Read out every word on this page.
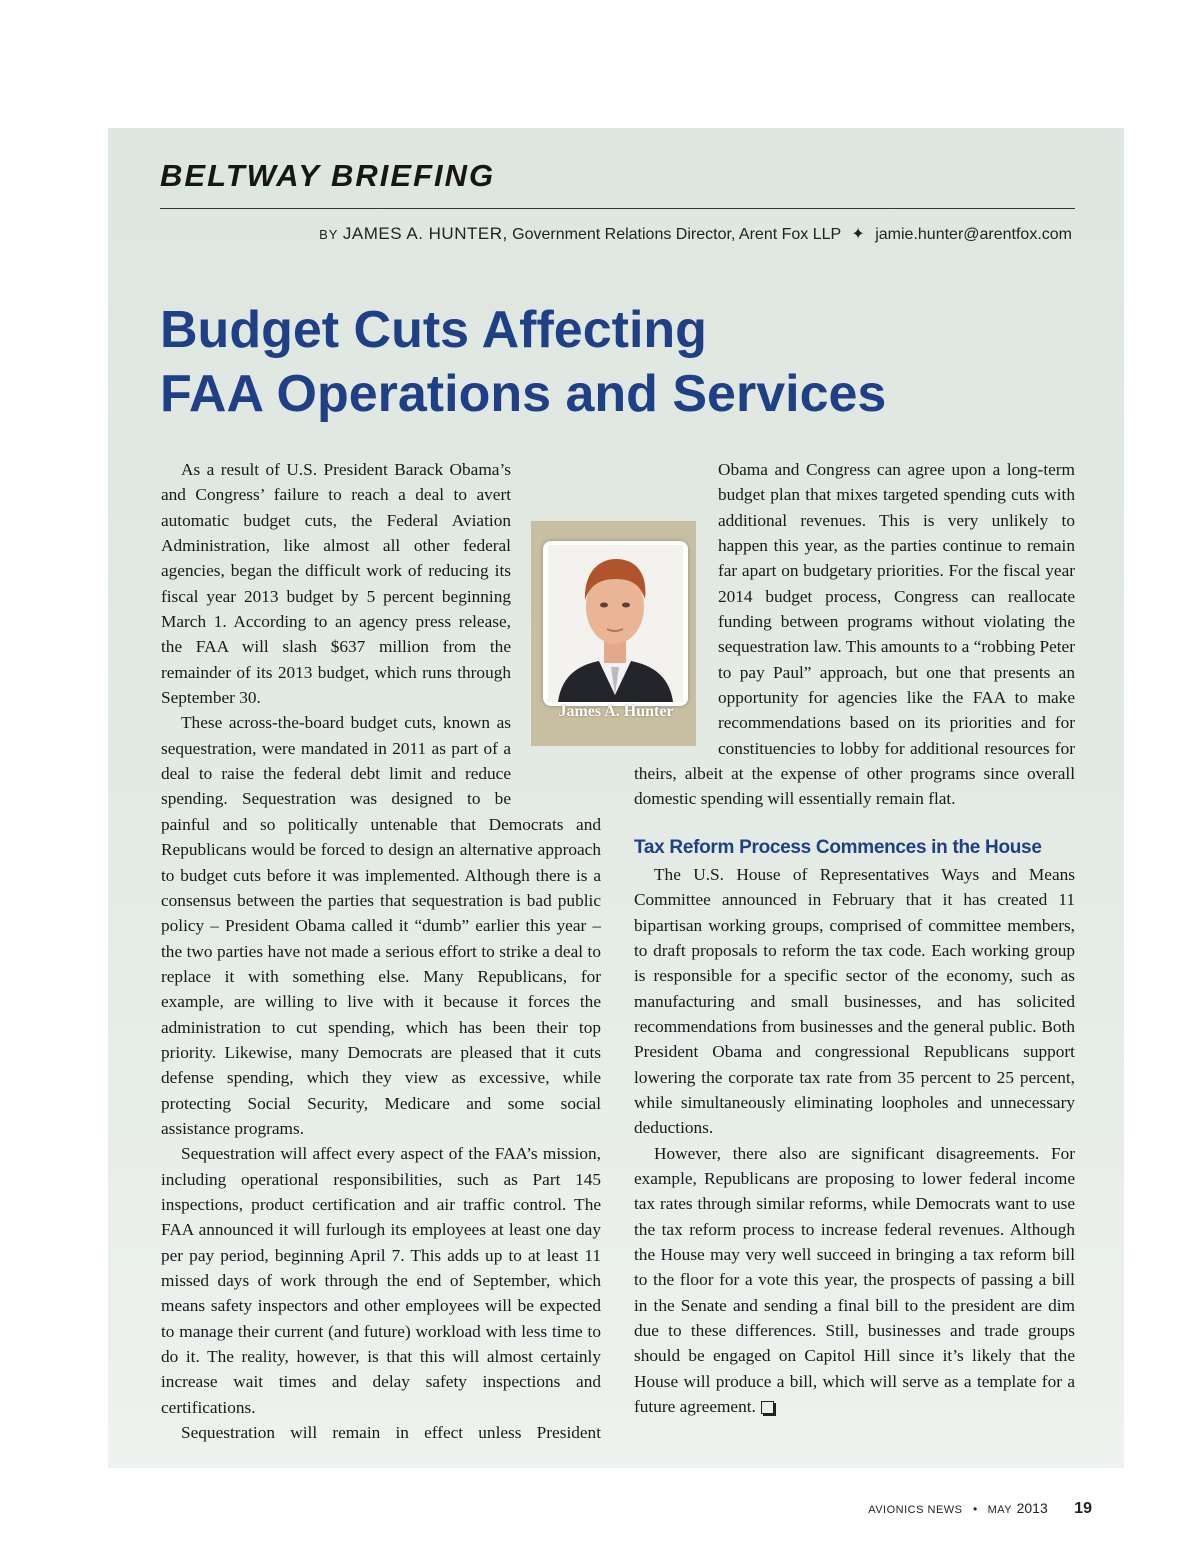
BELTWAY BRIEFING
BY JAMES A. HUNTER, Government Relations Director, Arent Fox LLP ✦ jamie.hunter@arentfox.com
Budget Cuts Affecting
FAA Operations and Services

As a result of U.S. President Barack Obama’s and Congress’ failure to reach a deal to avert automatic budget cuts, the Federal Aviation Administration, like almost all other federal agencies, began the difficult work of reducing its fiscal year 2013 budget by 5 percent beginning March 1. According to an agency press release, the FAA will slash $637 million from the remainder of its 2013 budget, which runs through September 30.

These across-the-board budget cuts, known as sequestration, were mandated in 2011 as part of a deal to raise the federal debt limit and reduce spending. Sequestration was designed to be painful and so politically untenable that Democrats and Republicans would be forced to design an alternative approach to budget cuts before it was implemented. Although there is a consensus between the parties that sequestration is bad public policy – President Obama called it “dumb” earlier this year – the two parties have not made a serious effort to strike a deal to replace it with something else. Many Republicans, for example, are willing to live with it because it forces the administration to cut spending, which has been their top priority. Likewise, many Democrats are pleased that it cuts defense spending, which they view as excessive, while protecting Social Security, Medicare and some social assistance programs.

Sequestration will affect every aspect of the FAA’s mission, including operational responsibilities, such as Part 145 inspections, product certification and air traffic control. The FAA announced it will furlough its employees at least one day per pay period, beginning April 7. This adds up to at least 11 missed days of work through the end of September, which means safety inspectors and other employees will be expected to manage their current (and future) workload with less time to do it. The reality, however, is that this will almost certainly increase wait times and delay safety inspections and certifications.

Sequestration will remain in effect unless President

Obama and Congress can agree upon a long-term budget plan that mixes targeted spending cuts with additional revenues. This is very unlikely to happen this year, as the parties continue to remain far apart on budgetary priorities. For the fiscal year 2014 budget process, Congress can reallocate funding between programs without violating the sequestration law. This amounts to a “robbing Peter to pay Paul” approach, but one that presents an opportunity for agencies like the FAA to make recommendations based on its priorities and for constituencies to lobby for additional resources for theirs, albeit at the expense of other programs since overall domestic spending will essentially remain flat.

Tax Reform Process Commences in the House

The U.S. House of Representatives Ways and Means Committee announced in February that it has created 11 bipartisan working groups, comprised of committee members, to draft proposals to reform the tax code. Each working group is responsible for a specific sector of the economy, such as manufacturing and small businesses, and has solicited recommendations from businesses and the general public. Both President Obama and congressional Republicans support lowering the corporate tax rate from 35 percent to 25 percent, while simultaneously eliminating loopholes and unnecessary deductions.

However, there also are significant disagreements. For example, Republicans are proposing to lower federal income tax rates through similar reforms, while Democrats want to use the tax reform process to increase federal revenues. Although the House may very well succeed in bringing a tax reform bill to the floor for a vote this year, the prospects of passing a bill in the Senate and sending a final bill to the president are dim due to these differences. Still, businesses and trade groups should be engaged on Capitol Hill since it’s likely that the House will produce a bill, which will serve as a template for a future agreement.

James A. Hunter
AVIONICS NEWS • MAY 2013 19
